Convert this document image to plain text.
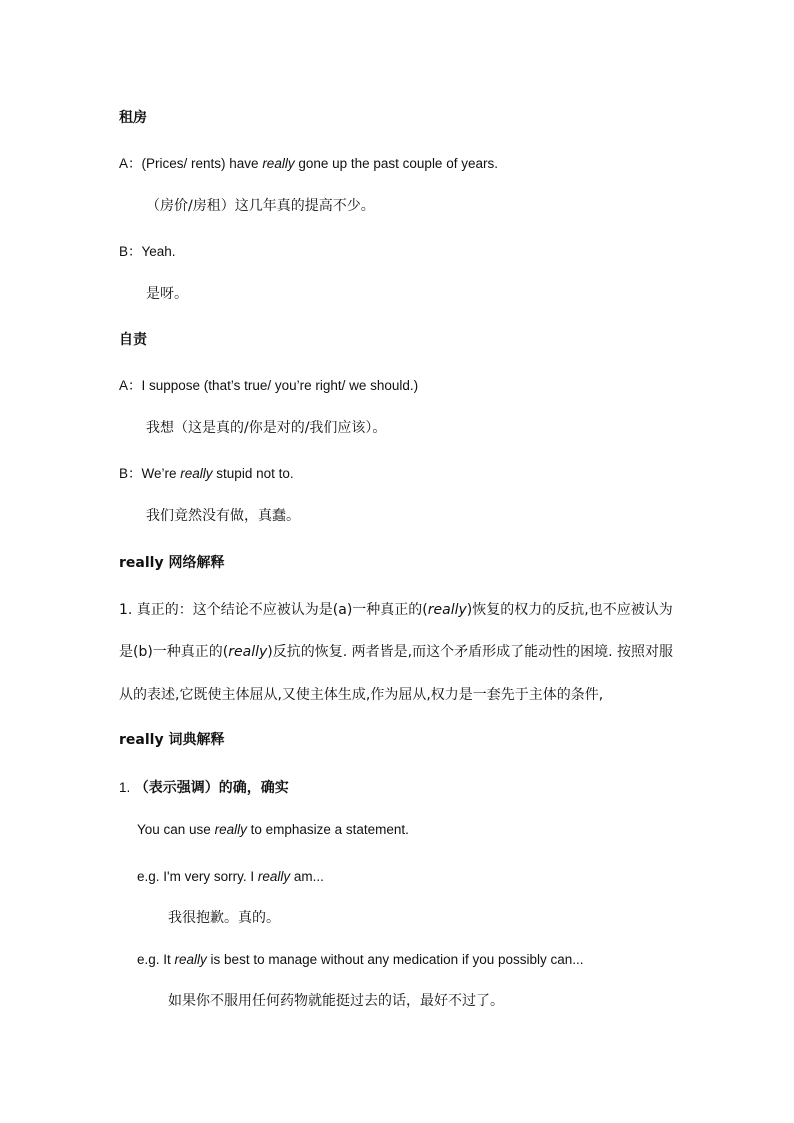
租房
A：(Prices/ rents) have really gone up the past couple of years.
（房价/房租）这几年真的提高不少。
B：Yeah.
是呀。
自责
A：I suppose (that’s true/ you’re right/ we should.)
我想（这是真的/你是对的/我们应该）。
B：We’re really stupid not to.
我们竟然没有做，真蠢。
really 网络解释
1. 真正的：这个结论不应被认为是(a)一种真正的(really)恢复的权力的反抗,也不应被认为
是(b)一种真正的(really)反抗的恢复. 两者皆是,而这个矛盾形成了能动性的困境. 按照对服
从的表述,它既使主体屈从,又使主体生成,作为屈从,权力是一套先于主体的条件,
really 词典解释
1. （表示强调）的确，确实
You can use really to emphasize a statement.
e.g. I'm very sorry. I really am...
我很抱歉。真的。
e.g. It really is best to manage without any medication if you possibly can...
如果你不服用任何药物就能挺过去的话，最好不过了。
